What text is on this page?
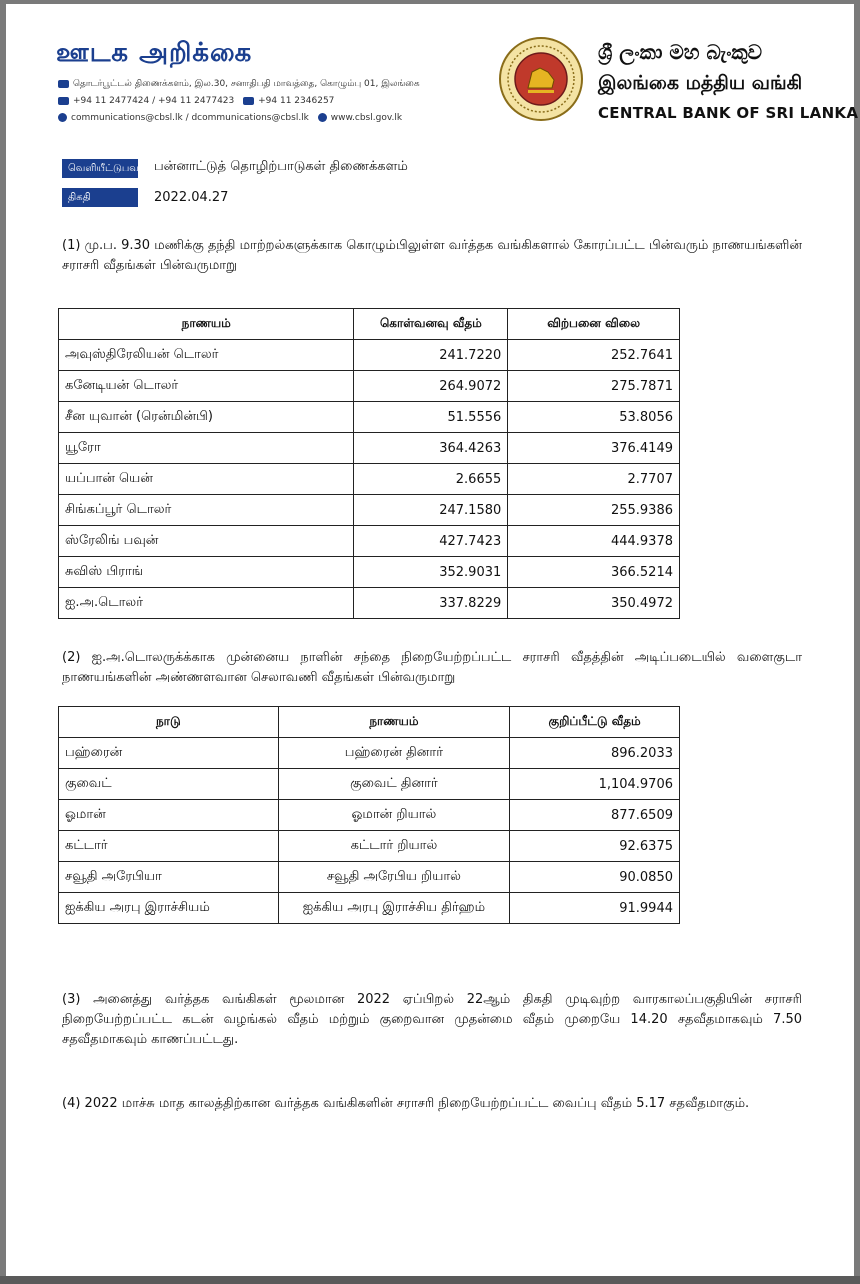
ஊடக அறிக்கை
தொடர்பூட்டல் திணைக்களம், இல.30, சனாதிபதி மாவத்தை, கொழும்பு 01, இலங்கை
+94 11 2477424 / +94 11 2477423	+94 11 2346257
communications@cbsl.lk / dcommunications@cbsl.lk www.cbsl.gov.lk
ශ්‍රී ලංකා මහ බැංකුව
இலங்கை மத்திய வங்கி
CENTRAL BANK OF SRI LANKA
வெளியீட்டுபவர் பன்னாட்டுத் தொழிற்பாடுகள் திணைக்களம்
திகதி	2022.04.27
(1) மு.ப. 9.30 மணிக்கு தந்தி மாற்றல்களுக்காக கொழும்பிலுள்ள வர்த்தக வங்கிகளால் கோரப்பட்ட பின்வரும் நாணயங்களின் சராசரி வீதங்கள் பின்வருமாறு
நாணயம்	கொள்வனவு வீதம்	விற்பனை விலை
அவுஸ்திரேலியன் டொலர்	241.7220	252.7641
கனேடியன் டொலர்	264.9072	275.7871
சீன யுவான் (ரென்மின்பி)	51.5556	53.8056
யூரோ	364.4263	376.4149
யப்பான் யென்	2.6655	2.7707
சிங்கப்பூர் டொலர்	247.1580	255.9386
ஸ்ரேலிங் பவுன்	427.7423	444.9378
சுவிஸ் பிராங்	352.9031	366.5214
ஐ.அ.டொலர்	337.8229	350.4972
(2) ஐ.அ.டொலருக்க்காக முன்னைய நாளின் சந்தை நிறையேற்றப்பட்ட சராசரி வீதத்தின் அடிப்படையில் வளைகுடா நாணயங்களின் அண்ணளவான செலாவணி வீதங்கள் பின்வருமாறு
நாடு	நாணயம்	குறிப்பீட்டு வீதம்
பஹ்ரைன்	பஹ்ரைன் தினார்	896.2033
குவைட்	குவைட் தினார்	1,104.9706
ஓமான்	ஓமான் றியால்	877.6509
கட்டார்	கட்டார் றியால்	92.6375
சவூதி அரேபியா	சவூதி அரேபிய றியால்	90.0850
ஐக்கிய அரபு இராச்சியம்	ஐக்கிய அரபு இராச்சிய திர்ஹம்	91.9944
(3) அனைத்து வர்த்தக வங்கிகள் மூலமான 2022 ஏப்பிறல் 22ஆம் திகதி முடிவுற்ற வாரகாலப்பகுதியின் சராசரி நிறையேற்றப்பட்ட கடன் வழங்கல் வீதம் மற்றும் குறைவான முதன்மை வீதம் முறையே 14.20 சதவீதமாகவும் 7.50 சதவீதமாகவும் காணப்பட்டது.
(4) 2022 மாச்சு மாத காலத்திற்கான வர்த்தக வங்கிகளின் சராசரி நிறையேற்றப்பட்ட வைப்பு வீதம் 5.17 சதவீதமாகும்.
